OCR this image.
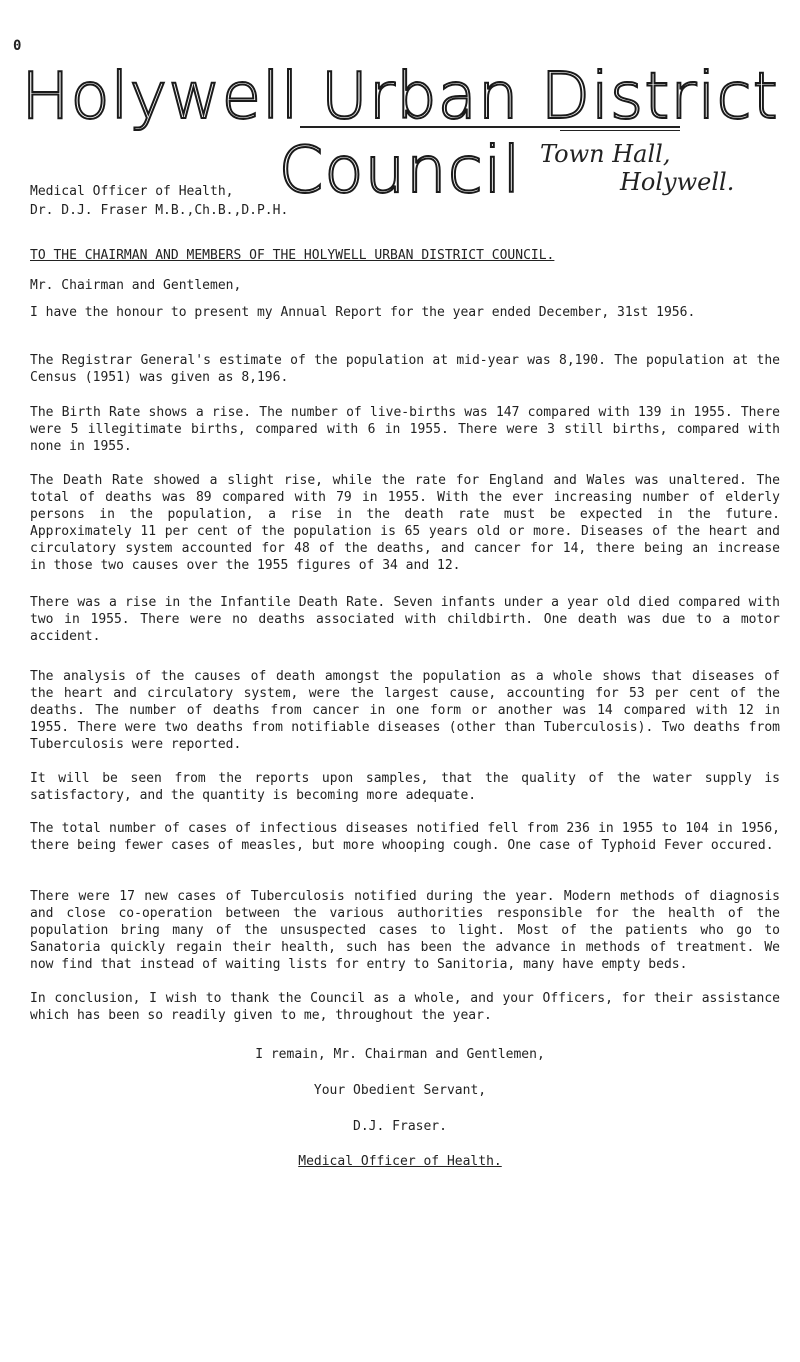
0
Holywell Urban District Council Town Hall,
Holywell.
Medical Officer of Health,
Dr. D.J. Fraser M.B.,Ch.B.,D.P.H.
TO THE CHAIRMAN AND MEMBERS OF THE HOLYWELL URBAN DISTRICT COUNCIL.
Mr. Chairman and Gentlemen,
I have the honour to present my Annual Report for the year ended December, 31st 1956.
The Registrar General's estimate of the population at mid-year was 8,190. The population at the Census (1951) was given as 8,196.
The Birth Rate shows a rise. The number of live-births was 147 compared with 139 in 1955. There were 5 illegitimate births, compared with 6 in 1955. There were 3 still births, compared with none in 1955.
The Death Rate showed a slight rise, while the rate for England and Wales was unaltered. The total of deaths was 89 compared with 79 in 1955. With the ever increasing number of elderly persons in the population, a rise in the death rate must be expected in the future. Approximately 11 per cent of the population is 65 years old or more. Diseases of the heart and circulatory system accounted for 48 of the deaths, and cancer for 14, there being an increase in those two causes over the 1955 figures of 34 and 12.
There was a rise in the Infantile Death Rate. Seven infants under a year old died compared with two in 1955. There were no deaths associated with childbirth. One death was due to a motor accident.
The analysis of the causes of death amongst the population as a whole shows that diseases of the heart and circulatory system, were the largest cause, accounting for 53 per cent of the deaths. The number of deaths from cancer in one form or another was 14 compared with 12 in 1955. There were two deaths from notifiable diseases (other than Tuberculosis). Two deaths from Tuberculosis were reported.
It will be seen from the reports upon samples, that the quality of the water supply is satisfactory, and the quantity is becoming more adequate.
The total number of cases of infectious diseases notified fell from 236 in 1955 to 104 in 1956, there being fewer cases of measles, but more whooping cough. One case of Typhoid Fever occured.
There were 17 new cases of Tuberculosis notified during the year. Modern methods of diagnosis and close co-operation between the various authorities responsible for the health of the population bring many of the unsuspected cases to light. Most of the patients who go to Sanatoria quickly regain their health, such has been the advance in methods of treatment. We now find that instead of waiting lists for entry to Sanitoria, many have empty beds.
In conclusion, I wish to thank the Council as a whole, and your Officers, for their assistance which has been so readily given to me, throughout the year.
I remain, Mr. Chairman and Gentlemen,
Your Obedient Servant,
D.J. Fraser.
Medical Officer of Health.
